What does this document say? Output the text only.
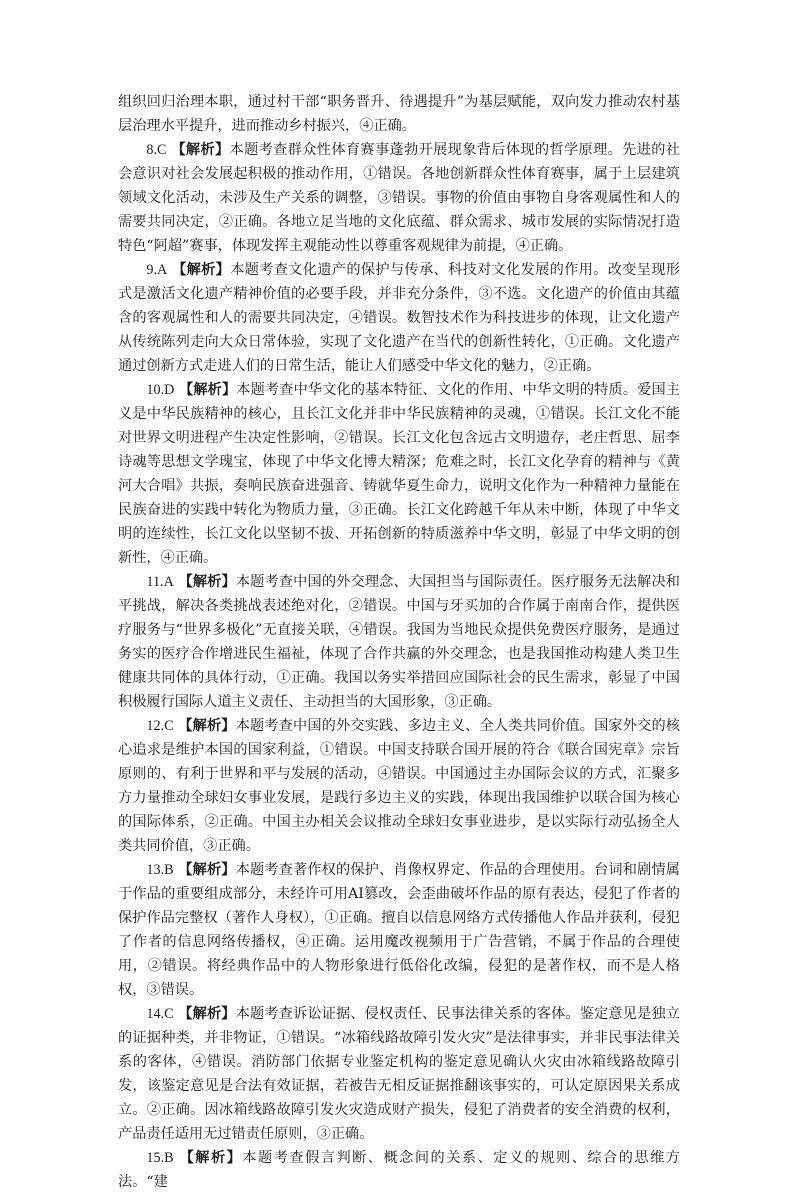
组织回归治理本职，通过村干部“职务晋升、待遇提升”为基层赋能，双向发力推动农村基层治理水平提升，进而推动乡村振兴，④正确。

8.C 【解析】本题考查群众性体育赛事蓬勃开展现象背后体现的哲学原理。先进的社会意识对社会发展起积极的推动作用，①错误。各地创新群众性体育赛事，属于上层建筑领域文化活动，未涉及生产关系的调整，③错误。事物的价值由事物自身客观属性和人的需要共同决定，②正确。各地立足当地的文化底蕴、群众需求、城市发展的实际情况打造特色“阿超”赛事，体现发挥主观能动性以尊重客观规律为前提，④正确。

9.A 【解析】本题考查文化遗产的保护与传承、科技对文化发展的作用。改变呈现形式是激活文化遗产精神价值的必要手段，并非充分条件，③不选。文化遗产的价值由其蕴含的客观属性和人的需要共同决定，④错误。数智技术作为科技进步的体现，让文化遗产从传统陈列走向大众日常体验，实现了文化遗产在当代的创新性转化，①正确。文化遗产通过创新方式走进人们的日常生活，能让人们感受中华文化的魅力，②正确。

10.D 【解析】本题考查中华文化的基本特征、文化的作用、中华文明的特质。爱国主义是中华民族精神的核心，且长江文化并非中华民族精神的灵魂，①错误。长江文化不能对世界文明进程产生决定性影响，②错误。长江文化包含远古文明遗存，老庄哲思、屈李诗魂等思想文学瑰宝，体现了中华文化博大精深；危难之时，长江文化孕育的精神与《黄河大合唱》共振，奏响民族奋进强音、铸就华夏生命力，说明文化作为一种精神力量能在民族奋进的实践中转化为物质力量，③正确。长江文化跨越千年从未中断，体现了中华文明的连续性，长江文化以坚韧不拔、开拓创新的特质滋养中华文明，彰显了中华文明的创新性，④正确。

11.A 【解析】本题考查中国的外交理念、大国担当与国际责任。医疗服务无法解决和平挑战，解决各类挑战表述绝对化，②错误。中国与牙买加的合作属于南南合作，提供医疗服务与“世界多极化”无直接关联，④错误。我国为当地民众提供免费医疗服务，是通过务实的医疗合作增进民生福祉，体现了合作共赢的外交理念，也是我国推动构建人类卫生健康共同体的具体行动，①正确。我国以务实举措回应国际社会的民生需求，彰显了中国积极履行国际人道主义责任、主动担当的大国形象，③正确。

12.C 【解析】本题考查中国的外交实践、多边主义、全人类共同价值。国家外交的核心追求是维护本国的国家利益，①错误。中国支持联合国开展的符合《联合国宪章》宗旨原则的、有利于世界和平与发展的活动，④错误。中国通过主办国际会议的方式，汇聚多方力量推动全球妇女事业发展，是践行多边主义的实践，体现出我国维护以联合国为核心的国际体系，②正确。中国主办相关会议推动全球妇女事业进步，是以实际行动弘扬全人类共同价值，③正确。

13.B 【解析】本题考查著作权的保护、肖像权界定、作品的合理使用。台词和剧情属于作品的重要组成部分，未经许可用AI篡改，会歪曲破坏作品的原有表达，侵犯了作者的保护作品完整权（著作人身权），①正确。擅自以信息网络方式传播他人作品并获利，侵犯了作者的信息网络传播权，④正确。运用魔改视频用于广告营销，不属于作品的合理使用，②错误。将经典作品中的人物形象进行低俗化改编，侵犯的是著作权，而不是人格权，③错误。

14.C 【解析】本题考查诉讼证据、侵权责任、民事法律关系的客体。鉴定意见是独立的证据种类，并非物证，①错误。“冰箱线路故障引发火灾”是法律事实，并非民事法律关系的客体，④错误。消防部门依据专业鉴定机构的鉴定意见确认火灾由冰箱线路故障引发，该鉴定意见是合法有效证据，若被告无相反证据推翻该事实的，可认定原因果关系成立。②正确。因冰箱线路故障引发火灾造成财产损失，侵犯了消费者的安全消费的权利，产品责任适用无过错责任原则，③正确。

15.B 【解析】本题考查假言判断、概念间的关系、定义的规则、综合的思维方法。“建
